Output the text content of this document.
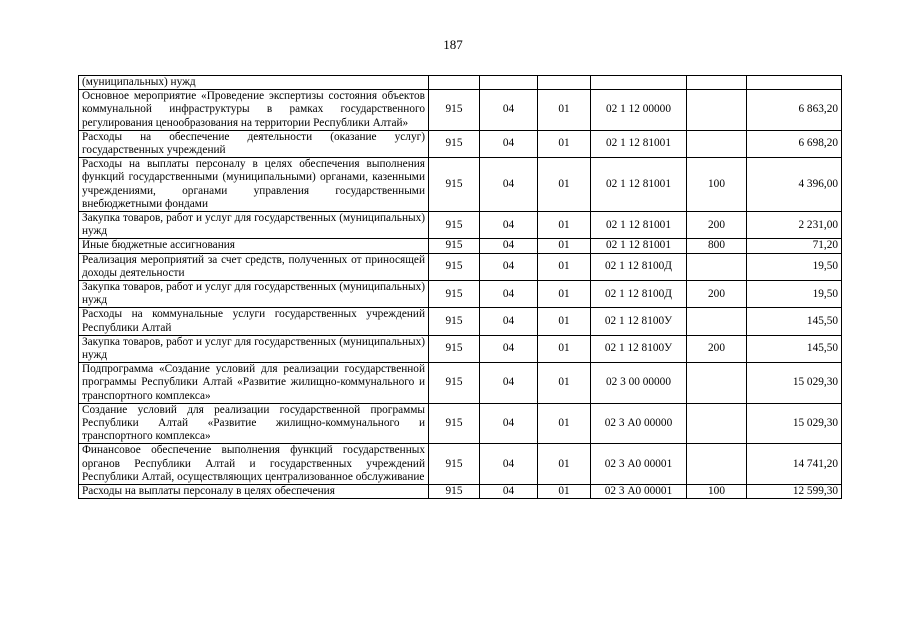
187
(муниципальных) нужд						
Основное мероприятие «Проведение экспертизы состояния объектов коммунальной инфраструктуры в рамках государственного регулирования ценообразования на территории Республики Алтай»	915	04	01	02 1 12 00000		6 863,20
Расходы на обеспечение деятельности (оказание услуг) государственных учреждений	915	04	01	02 1 12 81001		6 698,20
Расходы на выплаты персоналу в целях обеспечения выполнения функций государственными (муниципальными) органами, казенными учреждениями, органами управления государственными внебюджетными фондами	915	04	01	02 1 12 81001	100	4 396,00
Закупка товаров, работ и услуг для государственных (муниципальных) нужд	915	04	01	02 1 12 81001	200	2 231,00
Иные бюджетные ассигнования	915	04	01	02 1 12 81001	800	71,20
Реализация мероприятий за счет средств, полученных от приносящей доходы деятельности	915	04	01	02 1 12 8100Д		19,50
Закупка товаров, работ и услуг для государственных (муниципальных) нужд	915	04	01	02 1 12 8100Д	200	19,50
Расходы на коммунальные услуги государственных учреждений Республики Алтай	915	04	01	02 1 12 8100У		145,50
Закупка товаров, работ и услуг для государственных (муниципальных) нужд	915	04	01	02 1 12 8100У	200	145,50
Подпрограмма «Создание условий для реализации государственной программы Республики Алтай «Развитие жилищно-коммунального и транспортного комплекса»	915	04	01	02 3 00 00000		15 029,30
Создание условий для реализации государственной программы Республики Алтай «Развитие жилищно-коммунального и транспортного комплекса»	915	04	01	02 3 А0 00000		15 029,30
Финансовое обеспечение выполнения функций государственных органов Республики Алтай и государственных учреждений Республики Алтай, осуществляющих централизованное обслуживание	915	04	01	02 3 А0 00001		14 741,20
Расходы на выплаты персоналу в целях обеспечения	915	04	01	02 3 А0 00001	100	12 599,30
